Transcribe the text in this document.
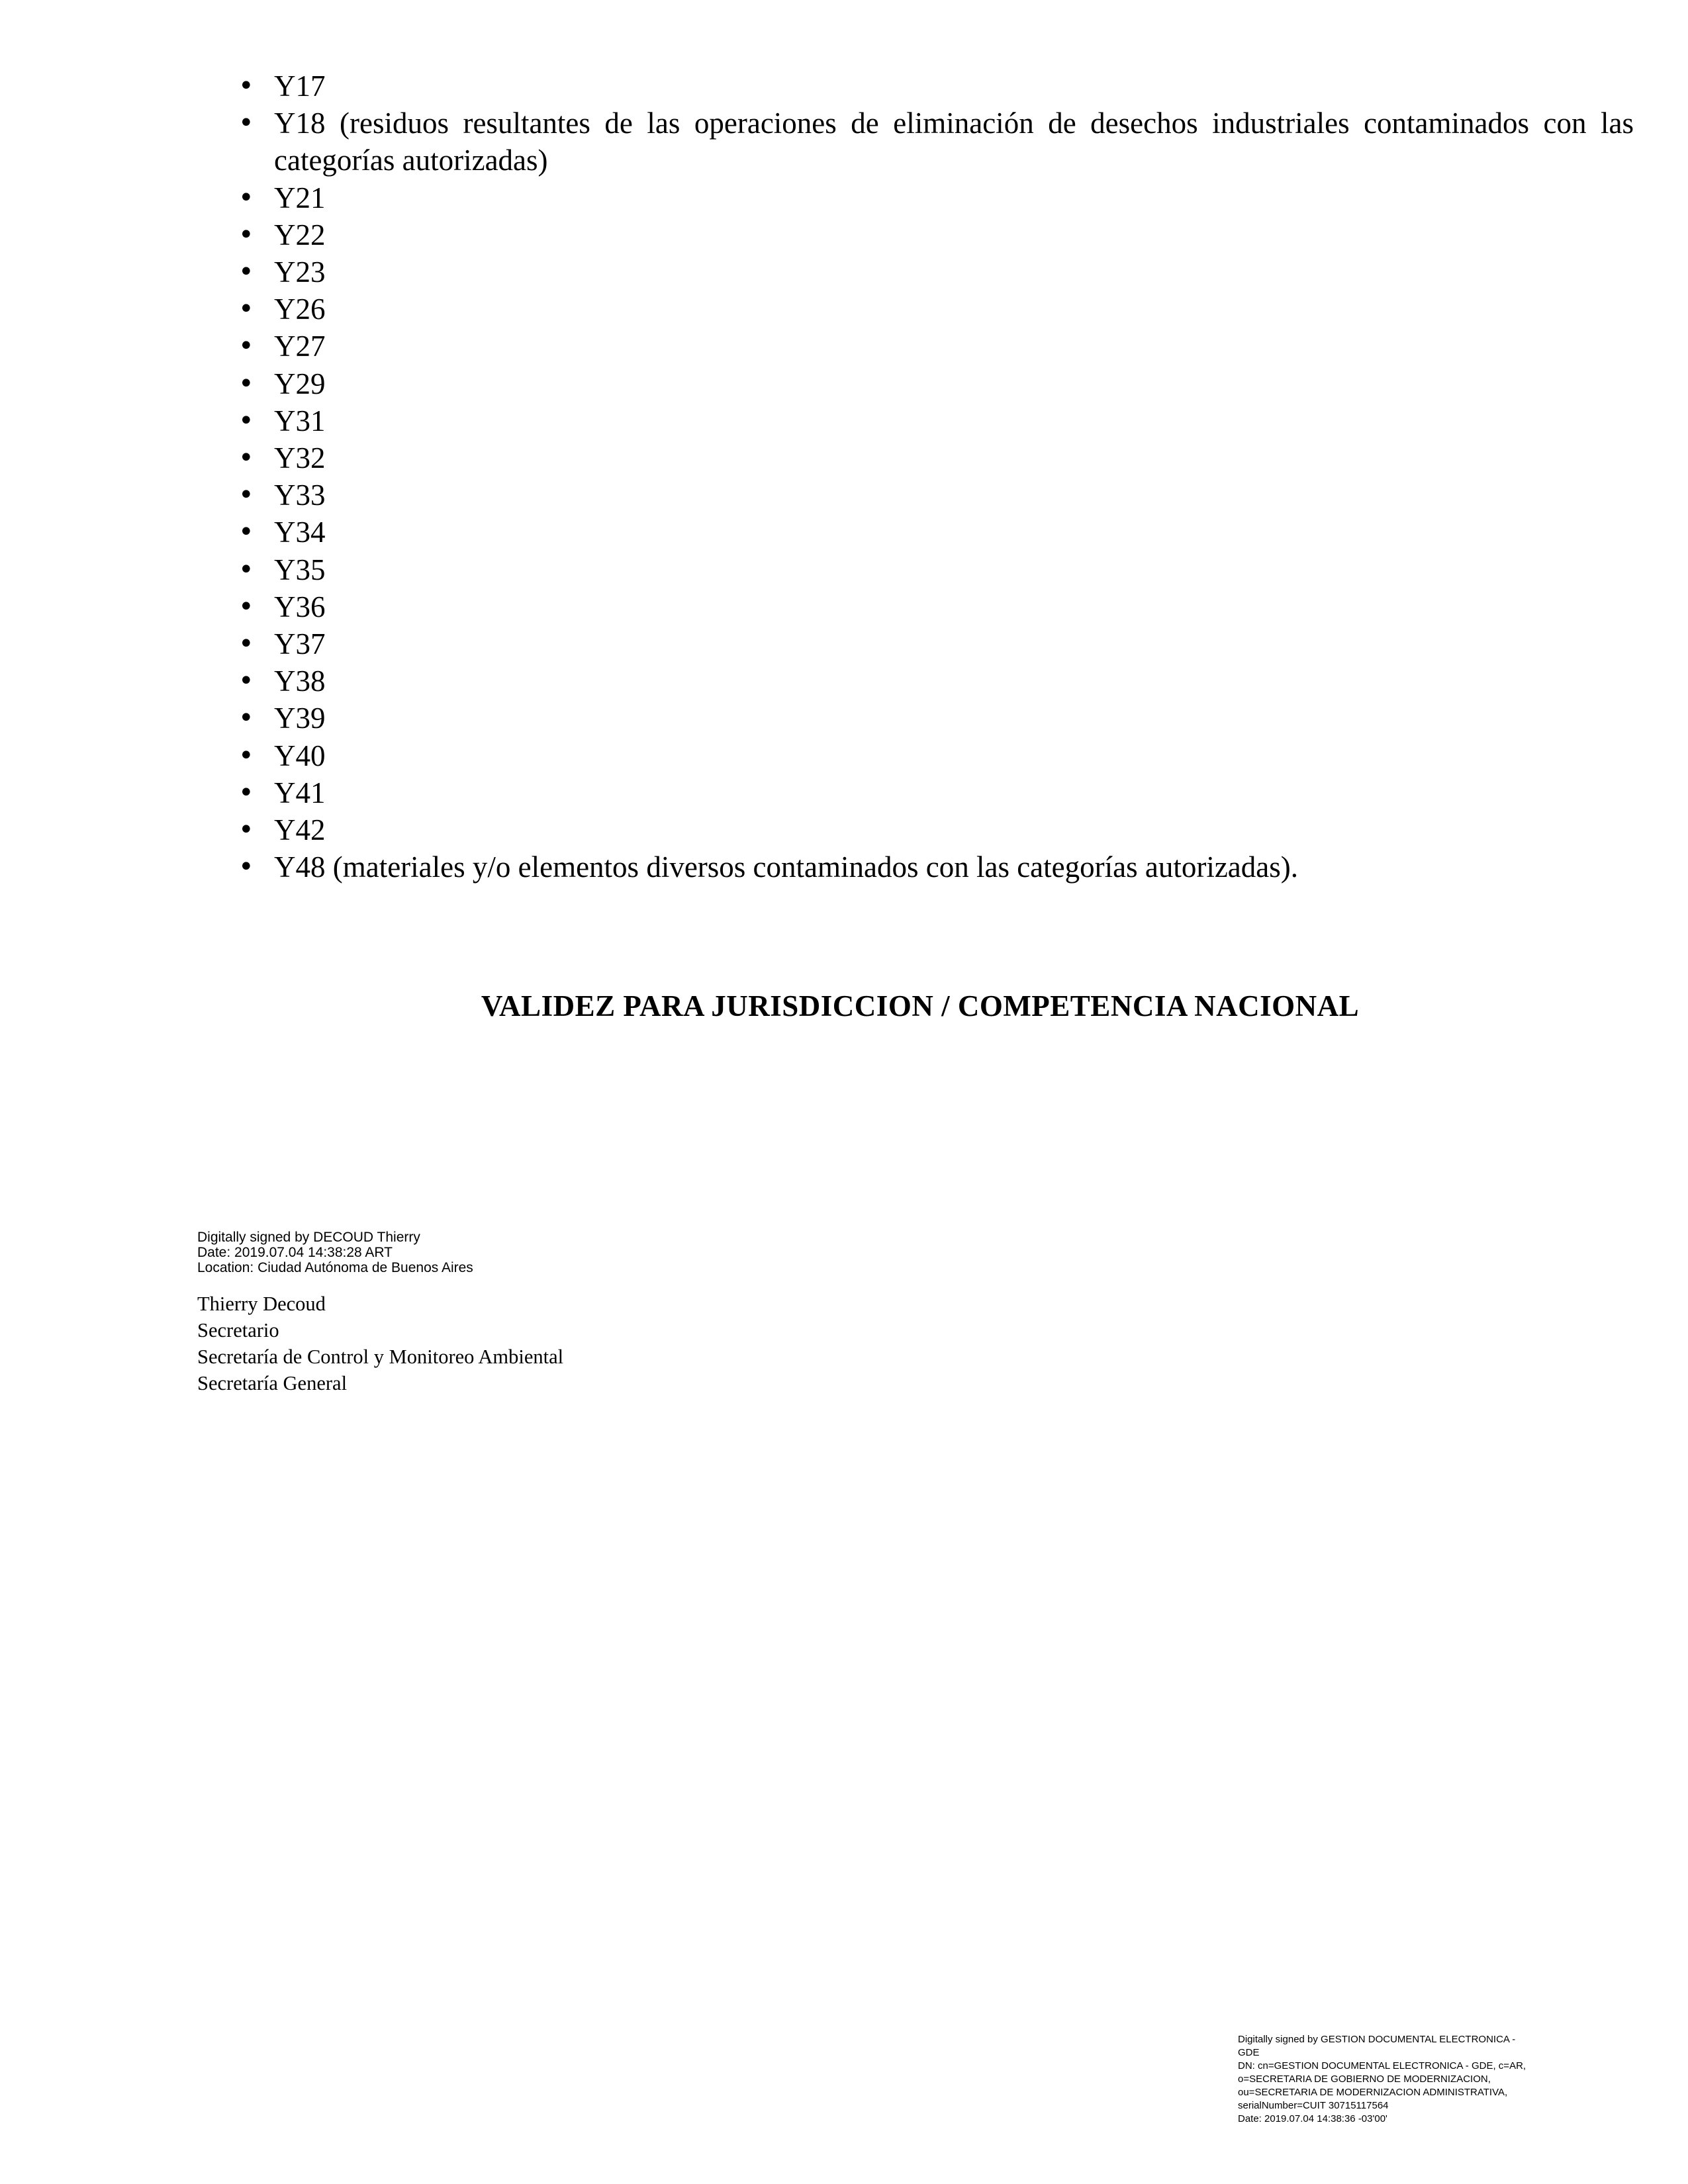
• Y17
• Y18 (residuos resultantes de las operaciones de eliminación de desechos industriales contaminados con las categorías autorizadas)
• Y21
• Y22
• Y23
• Y26
• Y27
• Y29
• Y31
• Y32
• Y33
• Y34
• Y35
• Y36
• Y37
• Y38
• Y39
• Y40
• Y41
• Y42
• Y48 (materiales y/o elementos diversos contaminados con las categorías autorizadas).
VALIDEZ PARA JURISDICCION / COMPETENCIA NACIONAL
Digitally signed by DECOUD Thierry
Date: 2019.07.04 14:38:28 ART
Location: Ciudad Autónoma de Buenos Aires
Thierry Decoud
Secretario
Secretaría de Control y Monitoreo Ambiental
Secretaría General
Digitally signed by GESTION DOCUMENTAL ELECTRONICA -
GDE
DN: cn=GESTION DOCUMENTAL ELECTRONICA - GDE, c=AR,
o=SECRETARIA DE GOBIERNO DE MODERNIZACION,
ou=SECRETARIA DE MODERNIZACION ADMINISTRATIVA,
serialNumber=CUIT 30715117564
Date: 2019.07.04 14:38:36 -03'00'
